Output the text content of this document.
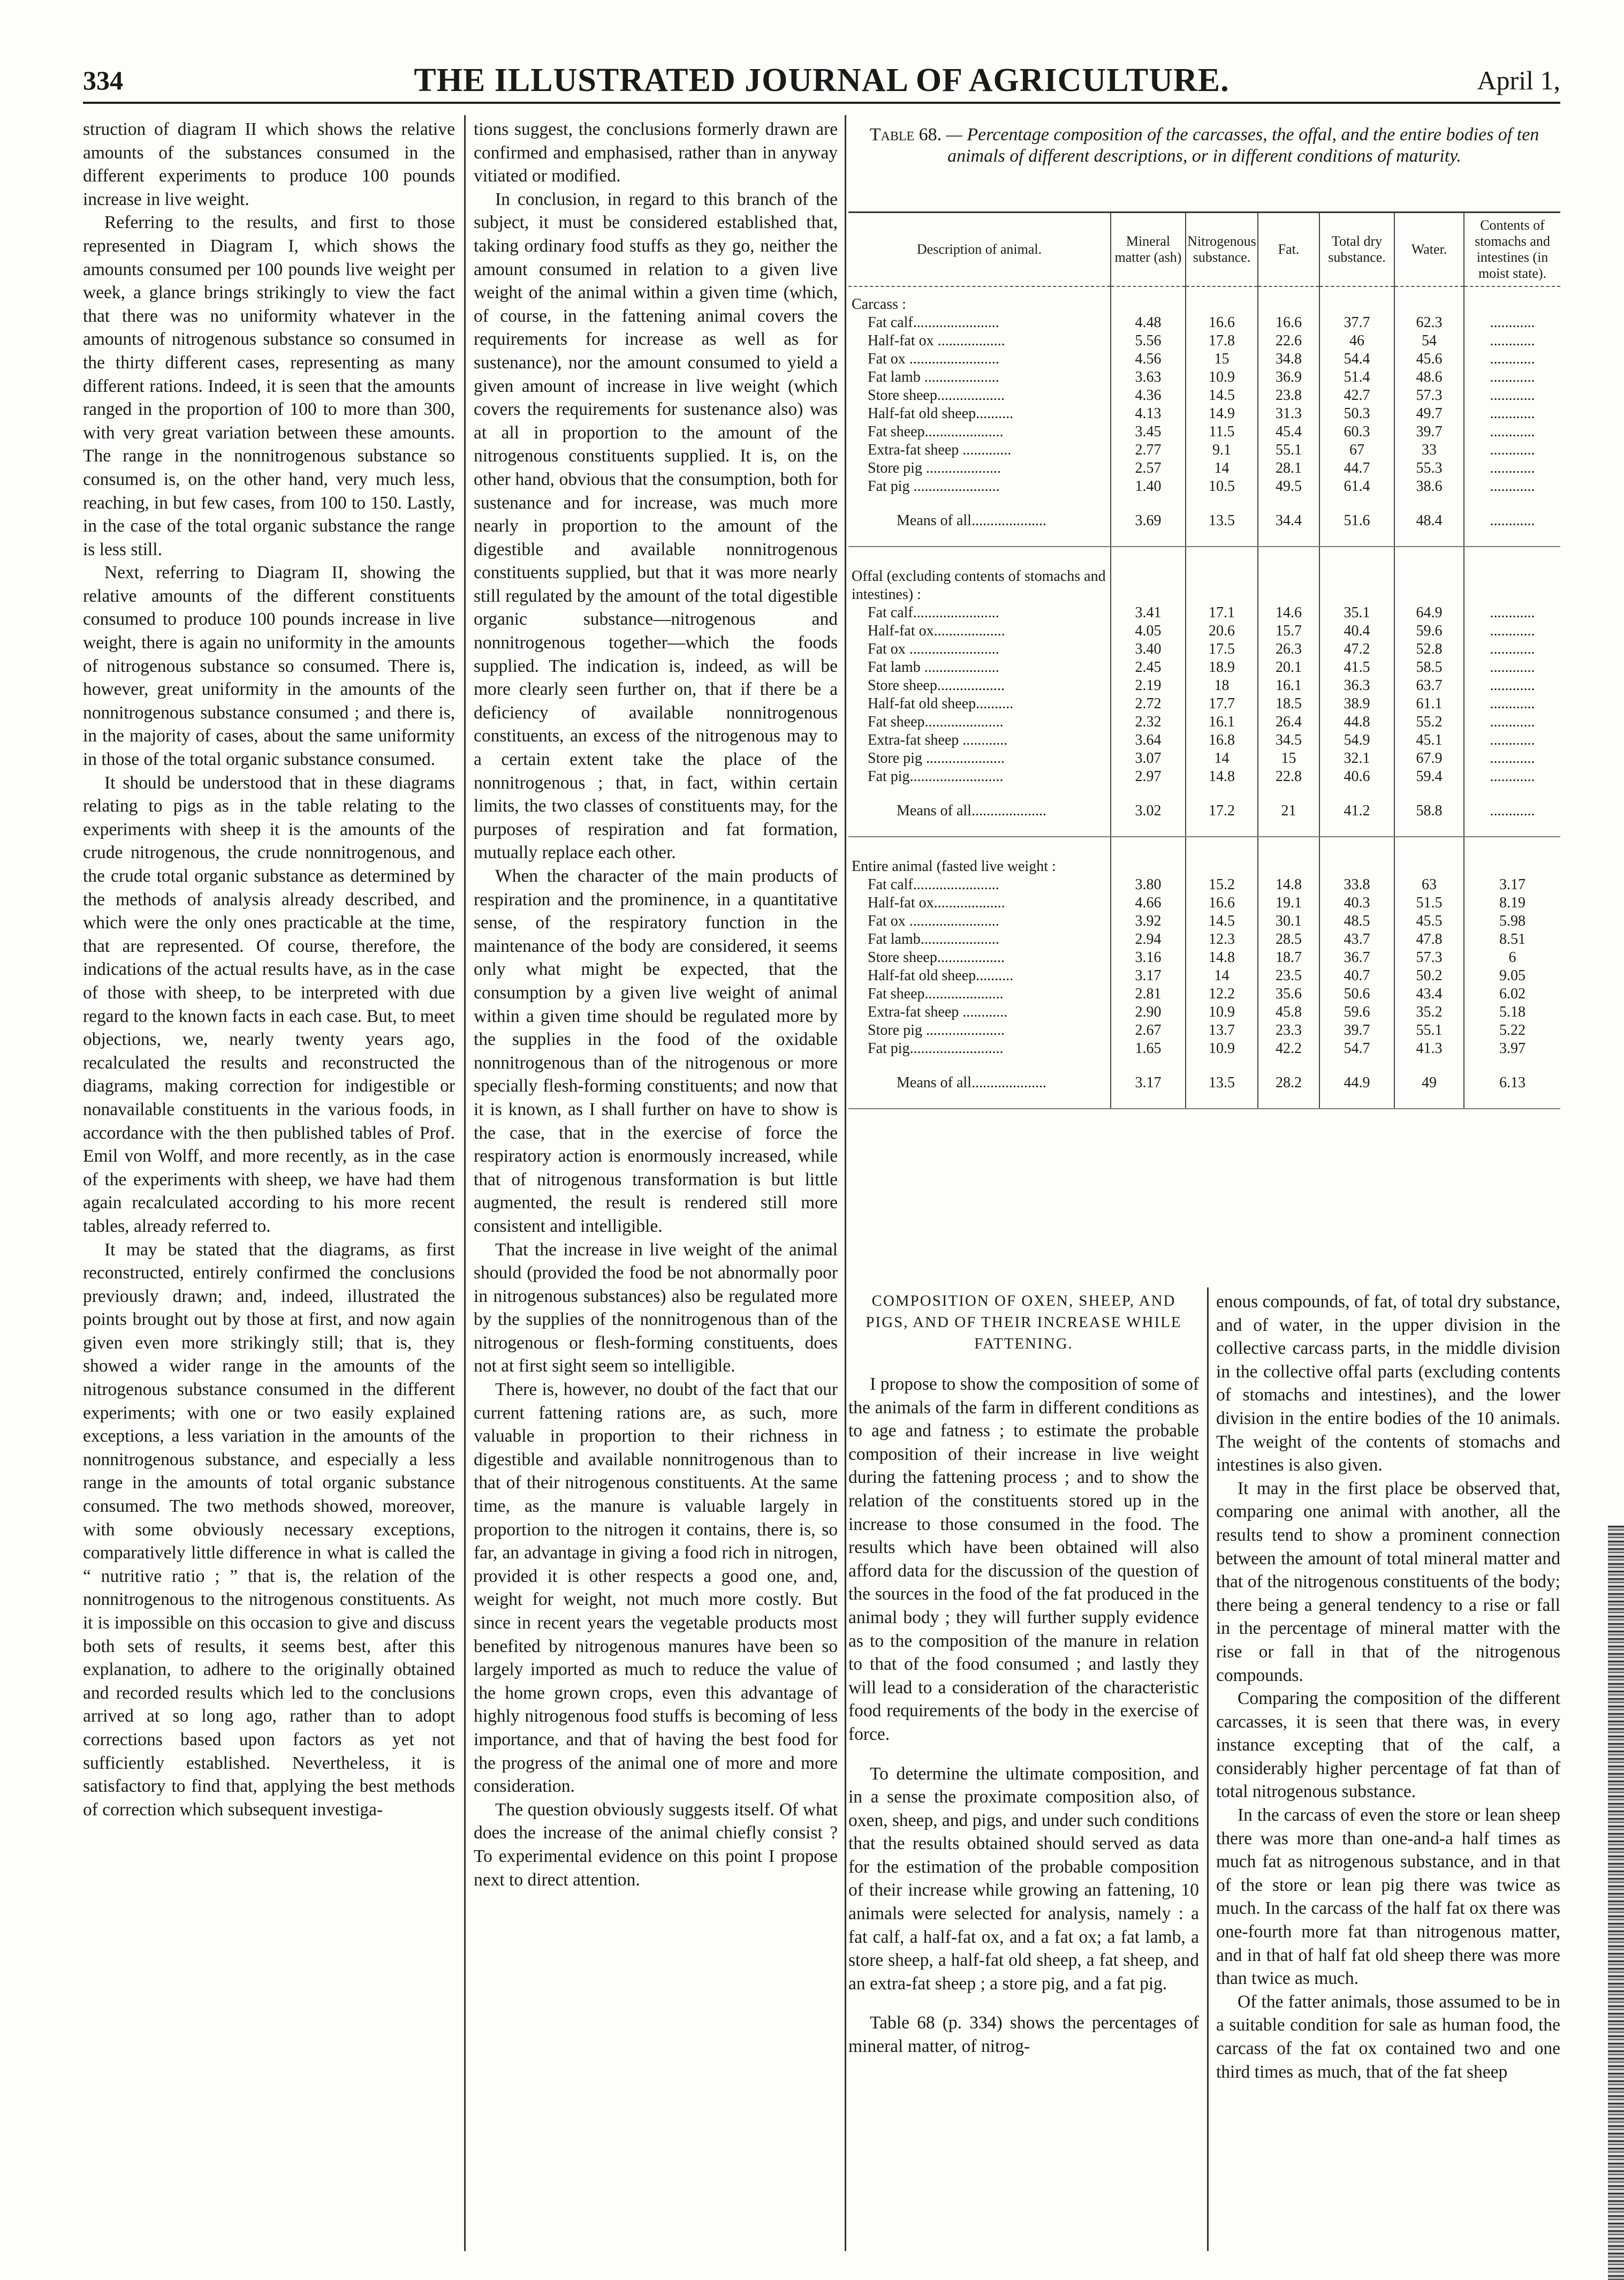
334	THE ILLUSTRATED JOURNAL OF AGRICULTURE.	April 1,

struction of diagram II which shows the relative amounts of the substances consumed in the different experiments to produce 100 pounds increase in live weight.

Referring to the results, and first to those represented in Diagram I, which shows the amounts consumed per 100 pounds live weight per week, a glance brings strikingly to view the fact that there was no uniformity whatever in the amounts of nitrogenous substance so consumed in the thirty different cases, representing as many different rations. Indeed, it is seen that the amounts ranged in the proportion of 100 to more than 300, with very great variation between these amounts. The range in the nonnitrogenous substance so consumed is, on the other hand, very much less, reaching, in but few cases, from 100 to 150. Lastly, in the case of the total organic substance the range is less still.

Next, referring to Diagram II, showing the relative amounts of the different constituents consumed to produce 100 pounds increase in live weight, there is again no uniformity in the amounts of nitrogenous substance so consumed. There is, however, great uniformity in the amounts of the nonnitrogenous substance consumed ; and there is, in the majority of cases, about the same uniformity in those of the total organic substance consumed.

It should be understood that in these diagrams relating to pigs as in the table relating to the experiments with sheep it is the amounts of the crude nitrogenous, the crude nonnitrogenous, and the crude total organic substance as determined by the methods of analysis already described, and which were the only ones practicable at the time, that are represented. Of course, therefore, the indications of the actual results have, as in the case of those with sheep, to be interpreted with due regard to the known facts in each case. But, to meet objections, we, nearly twenty years ago, recalculated the results and reconstructed the diagrams, making correction for indigestible or nonavailable constituents in the various foods, in accordance with the then published tables of Prof. Emil von Wolff, and more recently, as in the case of the experiments with sheep, we have had them again recalculated according to his more recent tables, already referred to.

It may be stated that the diagrams, as first reconstructed, entirely confirmed the conclusions previously drawn; and, indeed, illustrated the points brought out by those at first, and now again given even more strikingly still; that is, they showed a wider range in the amounts of the nitrogenous substance consumed in the different experiments; with one or two easily explained exceptions, a less variation in the amounts of the nonnitrogenous substance, and especially a less range in the amounts of total organic substance consumed. The two methods showed, moreover, with some obviously necessary exceptions, comparatively little difference in what is called the “ nutritive ratio ; ” that is, the relation of the nonnitrogenous to the nitrogenous constituents. As it is impossible on this occasion to give and discuss both sets of results, it seems best, after this explanation, to adhere to the originally obtained and recorded results which led to the conclusions arrived at so long ago, rather than to adopt corrections based upon factors as yet not sufficiently established. Nevertheless, it is satisfactory to find that, applying the best methods of correction which subsequent investiga-

tions suggest, the conclusions formerly drawn are confirmed and emphasised, rather than in anyway vitiated or modified.

In conclusion, in regard to this branch of the subject, it must be considered established that, taking ordinary food stuffs as they go, neither the amount consumed in relation to a given live weight of the animal within a given time (which, of course, in the fattening animal covers the requirements for increase as well as for sustenance), nor the amount consumed to yield a given amount of increase in live weight (which covers the requirements for sustenance also) was at all in proportion to the amount of the nitrogenous constituents supplied. It is, on the other hand, obvious that the consumption, both for sustenance and for increase, was much more nearly in proportion to the amount of the digestible and available nonnitrogenous constituents supplied, but that it was more nearly still regulated by the amount of the total digestible organic substance—nitrogenous and nonnitrogenous together—which the foods supplied. The indication is, indeed, as will be more clearly seen further on, that if there be a deficiency of available nonnitrogenous constituents, an excess of the nitrogenous may to a certain extent take the place of the nonnitrogenous ; that, in fact, within certain limits, the two classes of constituents may, for the purposes of respiration and fat formation, mutually replace each other.

When the character of the main products of respiration and the prominence, in a quantitative sense, of the respiratory function in the maintenance of the body are considered, it seems only what might be expected, that the consumption by a given live weight of animal within a given time should be regulated more by the supplies in the food of the oxidable nonnitrogenous than of the nitrogenous or more specially flesh-forming constituents; and now that it is known, as I shall further on have to show is the case, that in the exercise of force the respiratory action is enormously increased, while that of nitrogenous transformation is but little augmented, the result is rendered still more consistent and intelligible.

That the increase in live weight of the animal should (provided the food be not abnormally poor in nitrogenous substances) also be regulated more by the supplies of the nonnitrogenous than of the nitrogenous or flesh-forming constituents, does not at first sight seem so intelligible.

There is, however, no doubt of the fact that our current fattening rations are, as such, more valuable in proportion to their richness in digestible and available nonnitrogenous than to that of their nitrogenous constituents. At the same time, as the manure is valuable largely in proportion to the nitrogen it contains, there is, so far, an advantage in giving a food rich in nitrogen, provided it is other respects a good one, and, weight for weight, not much more costly. But since in recent years the vegetable products most benefited by nitrogenous manures have been so largely imported as much to reduce the value of the home grown crops, even this advantage of highly nitrogenous food stuffs is becoming of less importance, and that of having the best food for the progress of the animal one of more and more consideration.

The question obviously suggests itself. Of what does the increase of the animal chiefly consist ? To experimental evidence on this point I propose next to direct attention.

Table 68. — Percentage composition of the carcasses, the offal, and the entire bodies of ten animals of different descriptions, or in different conditions of maturity.
Description of animal.	Mineral matter (ash)	Nitrogenous substance.	Fat.	Total dry substance.	Water.	Contents of stomachs and intestines (in moist state).
Carcass :						
Fat calf.......................	4.48	16.6	16.6	37.7	62.3	............
Half-fat ox ..................	5.56	17.8	22.6	46	54	............
Fat ox ........................	4.56	15	34.8	54.4	45.6	............
Fat lamb ....................	3.63	10.9	36.9	51.4	48.6	............
Store sheep..................	4.36	14.5	23.8	42.7	57.3	............
Half-fat old sheep..........	4.13	14.9	31.3	50.3	49.7	............
Fat sheep.....................	3.45	11.5	45.4	60.3	39.7	............
Extra-fat sheep .............	2.77	9.1	55.1	67	33	............
Store pig ....................	2.57	14	28.1	44.7	55.3	............
Fat pig .......................	1.40	10.5	49.5	61.4	38.6	............
Means of all....................	3.69	13.5	34.4	51.6	48.4	............

Offal (excluding contents of stomachs and intestines) :						
Fat calf.......................	3.41	17.1	14.6	35.1	64.9	............
Half-fat ox...................	4.05	20.6	15.7	40.4	59.6	............
Fat ox ........................	3.40	17.5	26.3	47.2	52.8	............
Fat lamb ....................	2.45	18.9	20.1	41.5	58.5	............
Store sheep..................	2.19	18	16.1	36.3	63.7	............
Half-fat old sheep..........	2.72	17.7	18.5	38.9	61.1	............
Fat sheep.....................	2.32	16.1	26.4	44.8	55.2	............
Extra-fat sheep ............	3.64	16.8	34.5	54.9	45.1	............
Store pig .....................	3.07	14	15	32.1	67.9	............
Fat pig.........................	2.97	14.8	22.8	40.6	59.4	............
Means of all....................	3.02	17.2	21	41.2	58.8	............

Entire animal (fasted live weight :						
Fat calf.......................	3.80	15.2	14.8	33.8	63	3.17
Half-fat ox...................	4.66	16.6	19.1	40.3	51.5	8.19
Fat ox ........................	3.92	14.5	30.1	48.5	45.5	5.98
Fat lamb.....................	2.94	12.3	28.5	43.7	47.8	8.51
Store sheep..................	3.16	14.8	18.7	36.7	57.3	6
Half-fat old sheep..........	3.17	14	23.5	40.7	50.2	9.05
Fat sheep.....................	2.81	12.2	35.6	50.6	43.4	6.02
Extra-fat sheep ............	2.90	10.9	45.8	59.6	35.2	5.18
Store pig .....................	2.67	13.7	23.3	39.7	55.1	5.22
Fat pig.........................	1.65	10.9	42.2	54.7	41.3	3.97
Means of all....................	3.17	13.5	28.2	44.9	49	6.13
COMPOSITION OF OXEN, SHEEP, AND PIGS, AND OF THEIR INCREASE WHILE FATTENING.

I propose to show the composition of some of the animals of the farm in different conditions as to age and fatness ; to estimate the probable composition of their increase in live weight during the fattening process ; and to show the relation of the constituents stored up in the increase to those consumed in the food. The results which have been obtained will also afford data for the discussion of the question of the sources in the food of the fat produced in the animal body ; they will further supply evidence as to the composition of the manure in relation to that of the food consumed ; and lastly they will lead to a consideration of the characteristic food requirements of the body in the exercise of force.

To determine the ultimate composition, and in a sense the proximate composition also, of oxen, sheep, and pigs, and under such conditions that the results obtained should served as data for the estimation of the probable composition of their increase while growing an fattening, 10 animals were selected for analysis, namely : a fat calf, a half-fat ox, and a fat ox; a fat lamb, a store sheep, a half-fat old sheep, a fat sheep, and an extra-fat sheep ; a store pig, and a fat pig.

Table 68 (p. 334) shows the percentages of mineral matter, of nitrog-

enous compounds, of fat, of total dry substance, and of water, in the upper division in the collective carcass parts, in the middle division in the collective offal parts (excluding contents of stomachs and intestines), and the lower division in the entire bodies of the 10 animals. The weight of the contents of stomachs and intestines is also given.

It may in the first place be observed that, comparing one animal with another, all the results tend to show a prominent connection between the amount of total mineral matter and that of the nitrogenous constituents of the body; there being a general tendency to a rise or fall in the percentage of mineral matter with the rise or fall in that of the nitrogenous compounds.

Comparing the composition of the different carcasses, it is seen that there was, in every instance excepting that of the calf, a considerably higher percentage of fat than of total nitrogenous substance.

In the carcass of even the store or lean sheep there was more than one-and-a half times as much fat as nitrogenous substance, and in that of the store or lean pig there was twice as much. In the carcass of the half fat ox there was one-fourth more fat than nitrogenous matter, and in that of half fat old sheep there was more than twice as much.

Of the fatter animals, those assumed to be in a suitable condition for sale as human food, the carcass of the fat ox contained two and one third times as much, that of the fat sheep
